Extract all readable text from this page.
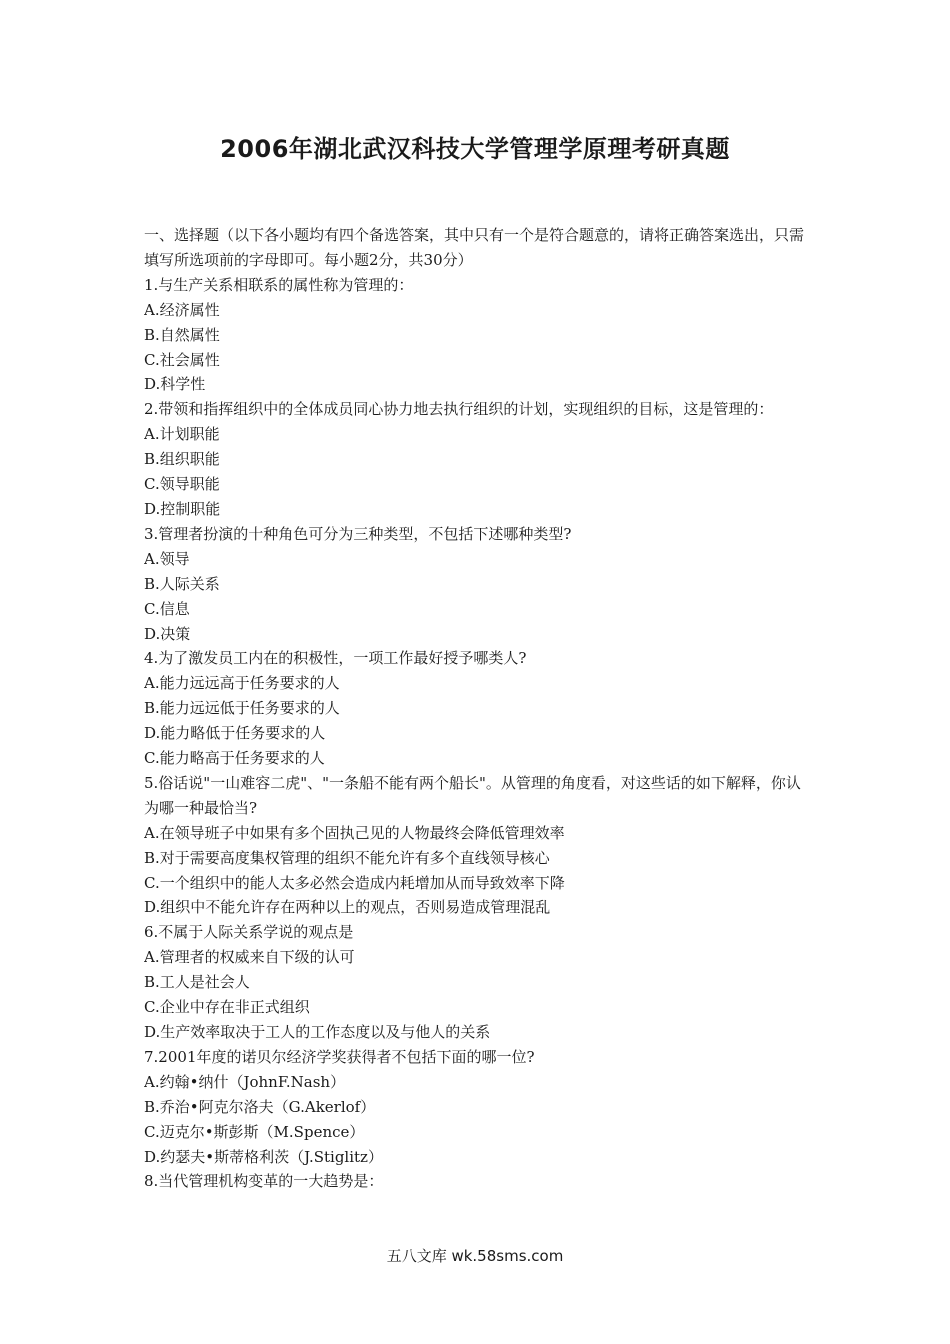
2006年湖北武汉科技大学管理学原理考研真题
一、选择题（以下各小题均有四个备选答案，其中只有一个是符合题意的，请将正确答案选出，只需填写所选项前的字母即可。每小题2分，共30分）
1.与生产关系相联系的属性称为管理的：
A.经济属性
B.自然属性
C.社会属性
D.科学性
2.带领和指挥组织中的全体成员同心协力地去执行组织的计划，实现组织的目标，这是管理的：
A.计划职能
B.组织职能
C.领导职能
D.控制职能
3.管理者扮演的十种角色可分为三种类型，不包括下述哪种类型?
A.领导
B.人际关系
C.信息
D.决策
4.为了激发员工内在的积极性，一项工作最好授予哪类人?
A.能力远远高于任务要求的人
B.能力远远低于任务要求的人
D.能力略低于任务要求的人
C.能力略高于任务要求的人
5.俗话说"一山难容二虎"、"一条船不能有两个船长"。从管理的角度看，对这些话的如下解释，你认为哪一种最恰当?
A.在领导班子中如果有多个固执己见的人物最终会降低管理效率
B.对于需要高度集权管理的组织不能允许有多个直线领导核心
C.一个组织中的能人太多必然会造成内耗增加从而导致效率下降
D.组织中不能允许存在两种以上的观点，否则易造成管理混乱
6.不属于人际关系学说的观点是
A.管理者的权威来自下级的认可
B.工人是社会人
C.企业中存在非正式组织
D.生产效率取决于工人的工作态度以及与他人的关系
7.2001年度的诺贝尔经济学奖获得者不包括下面的哪一位?
A.约翰•纳什（JohnF.Nash）
B.乔治•阿克尔洛夫（G.Akerlof）
C.迈克尔•斯彭斯（M.Spence）
D.约瑟夫•斯蒂格利茨（J.Stiglitz）
8.当代管理机构变革的一大趋势是：
五八文库 wk.58sms.com
